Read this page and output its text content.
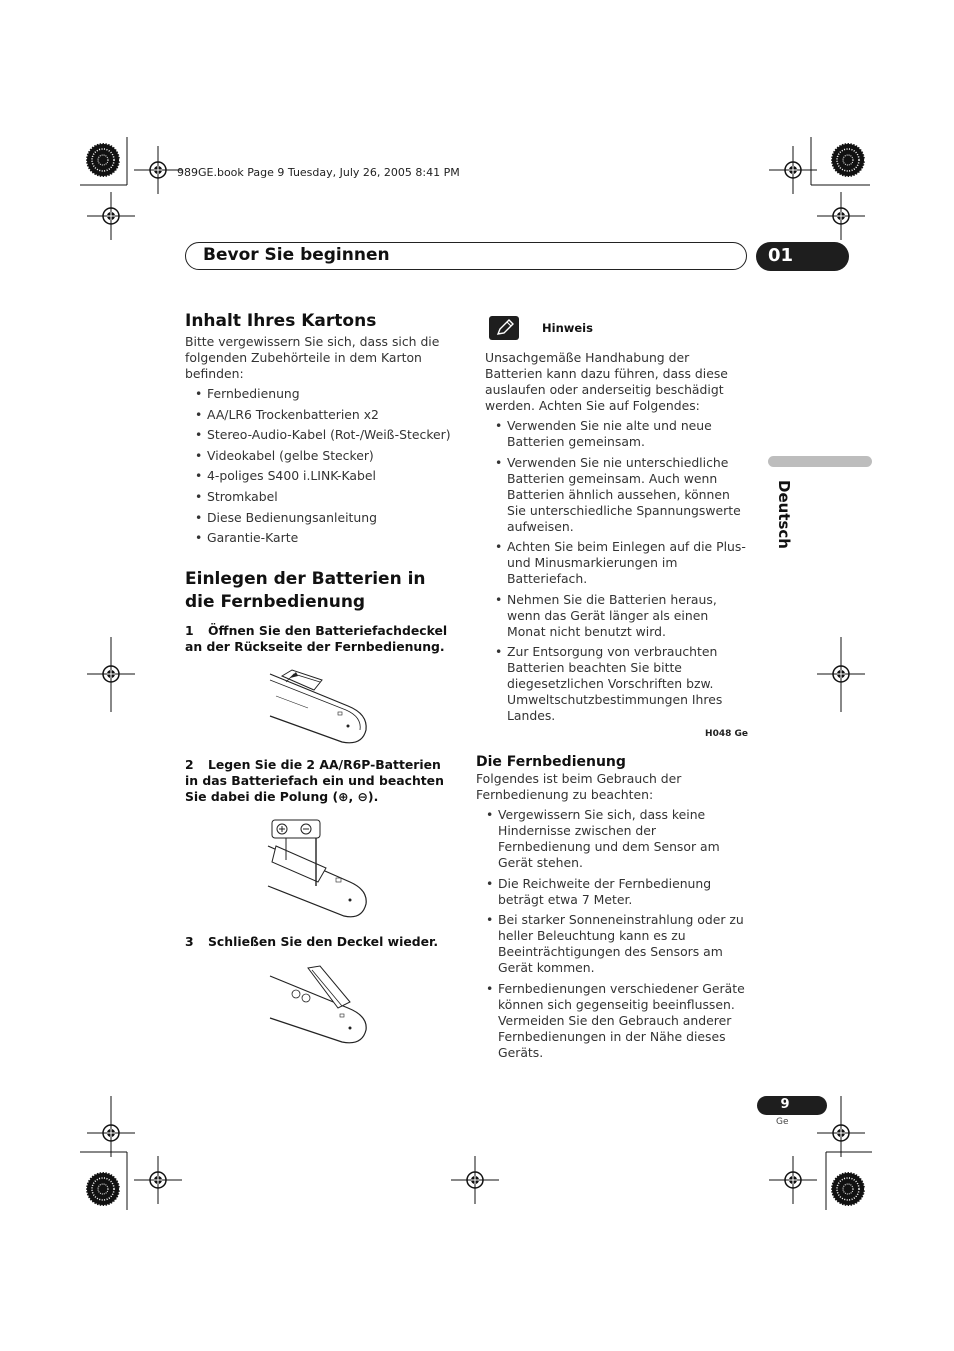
989GE.book Page 9 Tuesday, July 26, 2005 8:41 PM
Bevor Sie beginnen	01
Deutsch
Inhalt Ihres Kartons

Bitte vergewissern Sie sich, dass sich die folgenden Zubehörteile in dem Karton befinden:

• Fernbedienung
• AA/LR6 Trockenbatterien x2
• Stereo-Audio-Kabel (Rot-/Weiß-Stecker)
• Videokabel (gelbe Stecker)
• 4-poliges S400 i.LINK-Kabel
• Stromkabel
• Diese Bedienungsanleitung
• Garantie-Karte
Einlegen der Batterien in die Fernbedienung
1 Öffnen Sie den Batteriefachdeckel an der Rückseite der Fernbedienung.
2 Legen Sie die 2 AA/R6P-Batterien in das Batteriefach ein und beachten Sie dabei die Polung (⊕, ⊖).
3 Schließen Sie den Deckel wieder.
Hinweis

Unsachgemäße Handhabung der Batterien kann dazu führen, dass diese auslaufen oder anderseitig beschädigt werden. Achten Sie auf Folgendes:

• Verwenden Sie nie alte und neue Batterien gemeinsam.
• Verwenden Sie nie unterschiedliche Batterien gemeinsam. Auch wenn Batterien ähnlich aussehen, können Sie unterschiedliche Spannungswerte aufweisen.
• Achten Sie beim Einlegen auf die Plus- und Minusmarkierungen im Batteriefach.
• Nehmen Sie die Batterien heraus, wenn das Gerät länger als einen Monat nicht benutzt wird.
• Zur Entsorgung von verbrauchten Batterien beachten Sie bitte diegesetzlichen Vorschriften bzw. Umweltschutzbestimmungen Ihres Landes.
H048 Ge
Die Fernbedienung

Folgendes ist beim Gebrauch der Fernbedienung zu beachten:

• Vergewissern Sie sich, dass keine Hindernisse zwischen der Fernbedienung und dem Sensor am Gerät stehen.
• Die Reichweite der Fernbedienung beträgt etwa 7 Meter.
• Bei starker Sonneneinstrahlung oder zu heller Beleuchtung kann es zu Beeinträchtigungen des Sensors am Gerät kommen.
• Fernbedienungen verschiedener Geräte können sich gegenseitig beeinflussen. Vermeiden Sie den Gebrauch anderer Fernbedienungen in der Nähe dieses Geräts.
9
Ge
